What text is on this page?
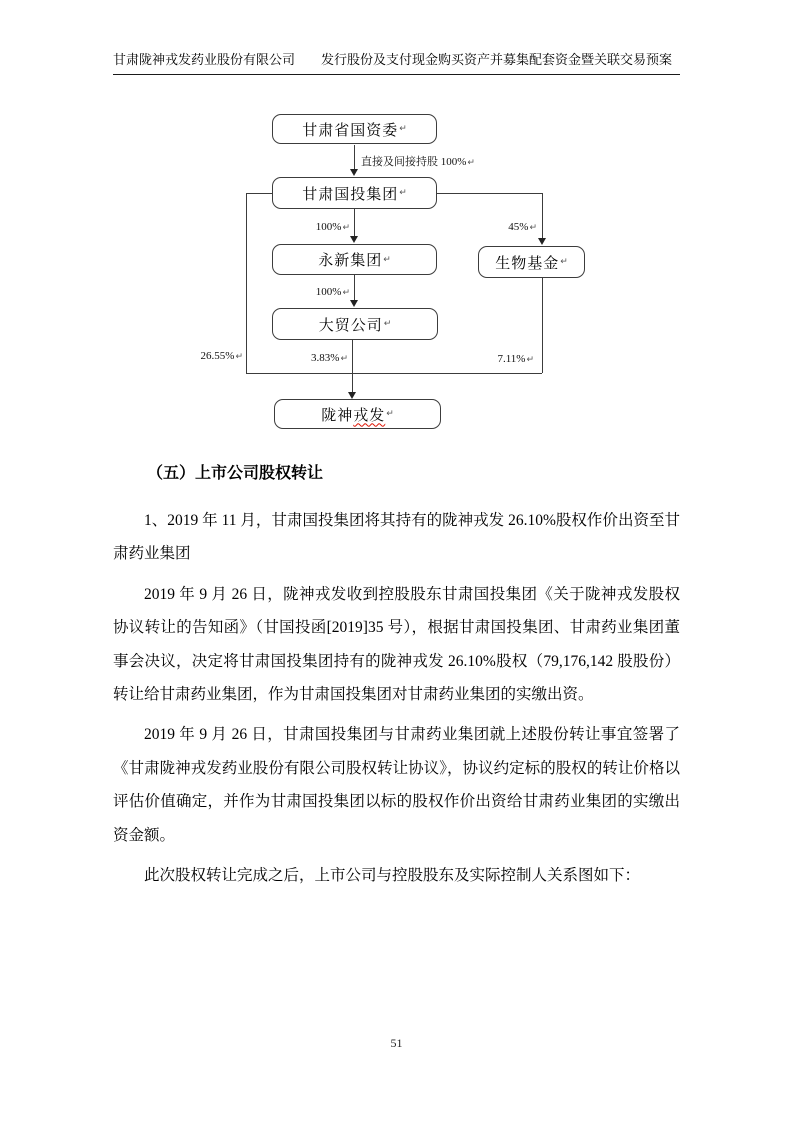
甘肃陇神戎发药业股份有限公司 发行股份及支付现金购买资产并募集配套资金暨关联交易预案
甘肃省国资委 ↵
甘肃国投集团 ↵
永新集团 ↵	生物基金 ↵
大贸公司 ↵
陇神 戎发 ↵
直接及间接持股 100%↵
100%↵	45%↵
100%↵
26.55%↵	7.11%↵
3.83%↵
（五）上市公司股权转让

1、2019 年 11 月，甘肃国投集团将其持有的陇神戎发 26.10%股权作价出资至甘肃药业集团

2019 年 9 月 26 日，陇神戎发收到控股股东甘肃国投集团《关于陇神戎发股权协议转让的告知函》（甘国投函[2019]35 号），根据甘肃国投集团、甘肃药业集团董事会决议，决定将甘肃国投集团持有的陇神戎发 26.10%股权（79,176,142 股股份）转让给甘肃药业集团，作为甘肃国投集团对甘肃药业集团的实缴出资。

2019 年 9 月 26 日，甘肃国投集团与甘肃药业集团就上述股份转让事宜签署了《甘肃陇神戎发药业股份有限公司股权转让协议》，协议约定标的股权的转让价格以评估价值确定，并作为甘肃国投集团以标的股权作价出资给甘肃药业集团的实缴出资金额。

此次股权转让完成之后，上市公司与控股股东及实际控制人关系图如下：

51
